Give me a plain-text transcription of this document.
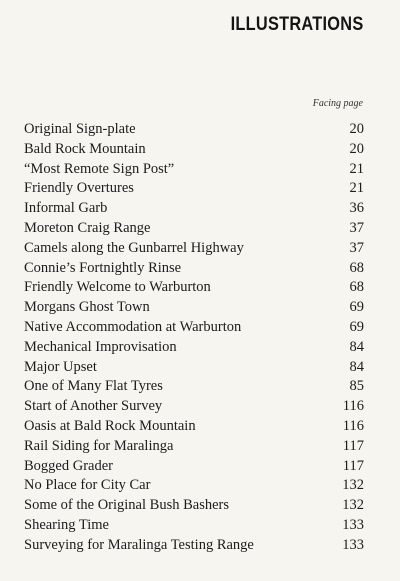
ILLUSTRATIONS
Facing page
Original Sign-plate	20
Bald Rock Mountain	20
“Most Remote Sign Post”	21
Friendly Overtures	21
Informal Garb	36
Moreton Craig Range	37
Camels along the Gunbarrel Highway	37
Connie’s Fortnightly Rinse	68
Friendly Welcome to Warburton	68
Morgans Ghost Town	69
Native Accommodation at Warburton	69
Mechanical Improvisation	84
Major Upset	84
One of Many Flat Tyres	85
Start of Another Survey	116
Oasis at Bald Rock Mountain	116
Rail Siding for Maralinga	117
Bogged Grader	117
No Place for City Car	132
Some of the Original Bush Bashers	132
Shearing Time	133
Surveying for Maralinga Testing Range	133
